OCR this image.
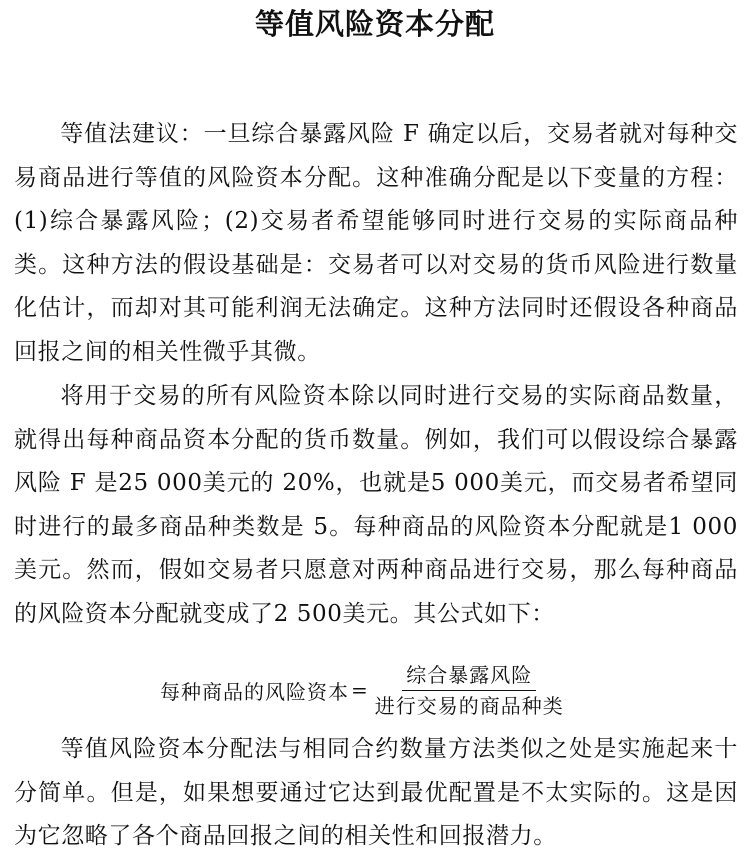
等值风险资本分配

等值法建议：一旦综合暴露风险 F 确定以后，交易者就对每种交易商品进行等值的风险资本分配。这种准确分配是以下变量的方程：(1)综合暴露风险；(2)交易者希望能够同时进行交易的实际商品种类。这种方法的假设基础是：交易者可以对交易的货币风险进行数量化估计，而却对其可能利润无法确定。这种方法同时还假设各种商品回报之间的相关性微乎其微。

将用于交易的所有风险资本除以同时进行交易的实际商品数量，就得出每种商品资本分配的货币数量。例如，我们可以假设综合暴露风险 F 是25 000美元的 20%，也就是5 000美元，而交易者希望同时进行的最多商品种类数是 5。每种商品的风险资本分配就是1 000美元。然而，假如交易者只愿意对两种商品进行交易，那么每种商品的风险资本分配就变成了2 500美元。其公式如下：

每种商品的风险资本 = $\frac{\text{综合暴露风险}}{\text{进行交易的商品种类}}$

等值风险资本分配法与相同合约数量方法类似之处是实施起来十分简单。但是，如果想要通过它达到最优配置是不太实际的。这是因为它忽略了各个商品回报之间的相关性和回报潜力。
